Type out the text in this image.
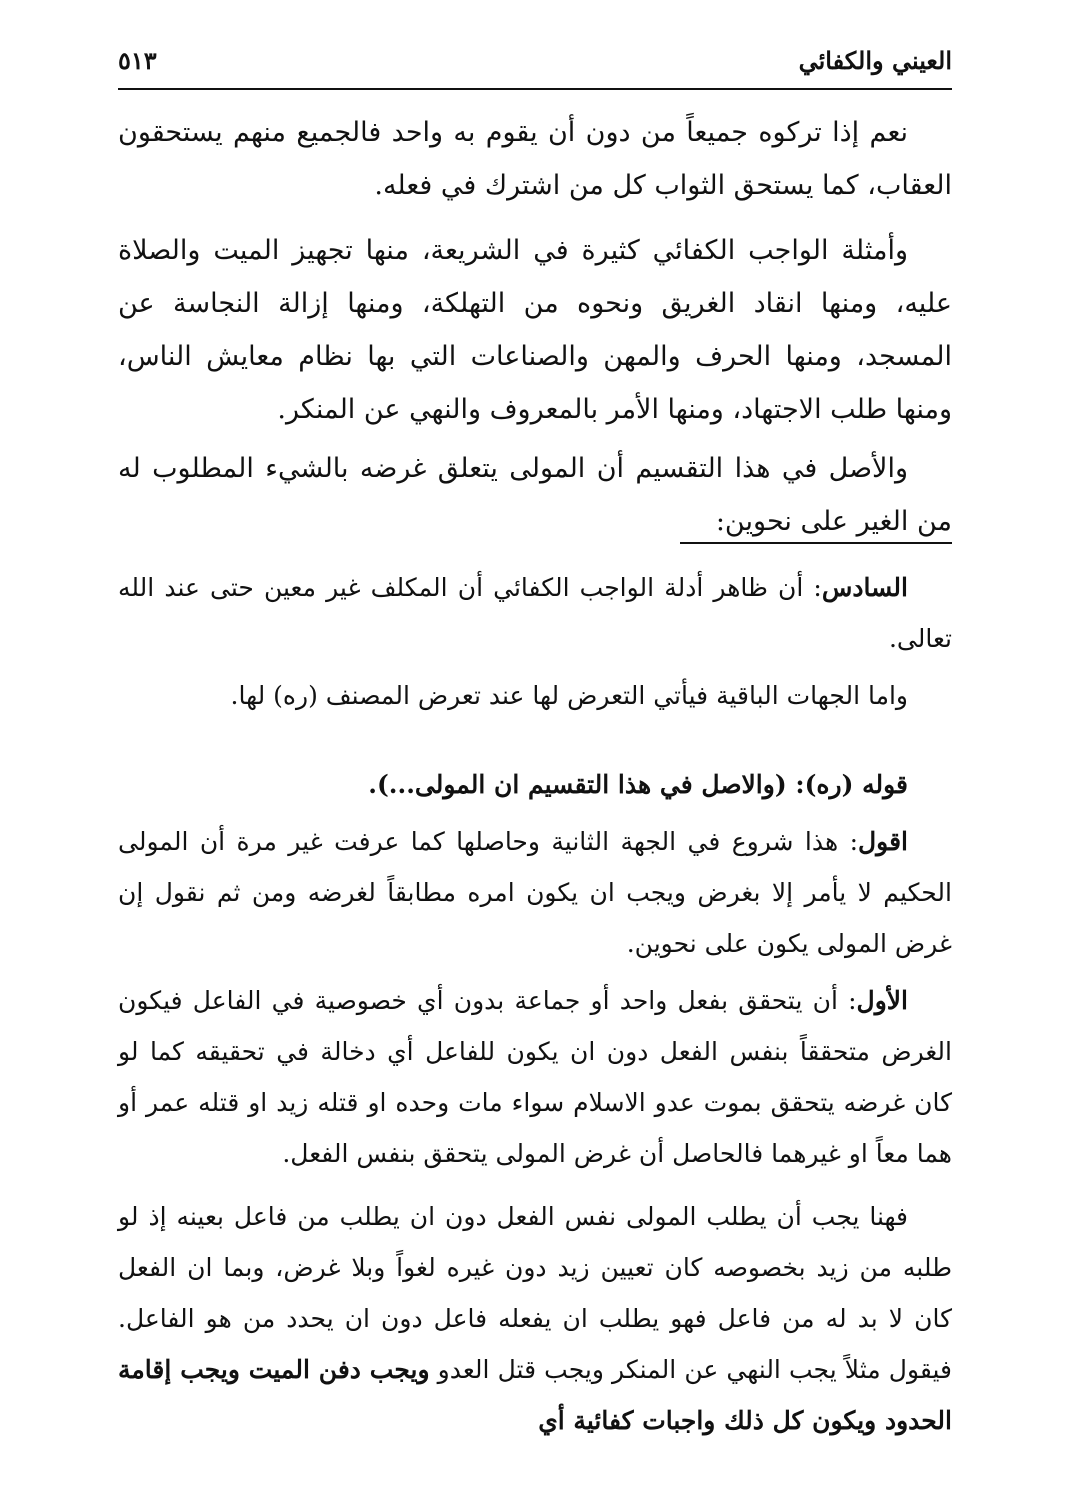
العيني والكفائي
٥١٣

نعم إذا تركوه جميعاً من دون أن يقوم به واحد فالجميع منهم يستحقون العقاب، كما يستحق الثواب كل من اشترك في فعله.

وأمثلة الواجب الكفائي كثيرة في الشريعة، منها تجهيز الميت والصلاة عليه، ومنها انقاد الغريق ونحوه من التهلكة، ومنها إزالة النجاسة عن المسجد، ومنها الحرف والمهن والصناعات التي بها نظام معايش الناس، ومنها طلب الاجتهاد، ومنها الأمر بالمعروف والنهي عن المنكر.

والأصل في هذا التقسيم أن المولى يتعلق غرضه بالشيء المطلوب له من الغير على نحوين:

السادس: أن ظاهر أدلة الواجب الكفائي أن المكلف غير معين حتى عند الله تعالى.

واما الجهات الباقية فيأتي التعرض لها عند تعرض المصنف (ره) لها.

قوله (ره): (والاصل في هذا التقسيم ان المولى...).

اقول: هذا شروع في الجهة الثانية وحاصلها كما عرفت غير مرة أن المولى الحكيم لا يأمر إلا بغرض ويجب ان يكون امره مطابقاً لغرضه ومن ثم نقول إن غرض المولى يكون على نحوين.

الأول: أن يتحقق بفعل واحد أو جماعة بدون أي خصوصية في الفاعل فيكون الغرض متحققاً بنفس الفعل دون ان يكون للفاعل أي دخالة في تحقيقه كما لو كان غرضه يتحقق بموت عدو الاسلام سواء مات وحده او قتله زيد او قتله عمر أو هما معاً او غيرهما فالحاصل أن غرض المولى يتحقق بنفس الفعل.

فهنا يجب أن يطلب المولى نفس الفعل دون ان يطلب من فاعل بعينه إذ لو طلبه من زيد بخصوصه كان تعيين زيد دون غيره لغواً وبلا غرض، وبما ان الفعل كان لا بد له من فاعل فهو يطلب ان يفعله فاعل دون ان يحدد من هو الفاعل. فيقول مثلاً يجب النهي عن المنكر ويجب قتل العدو ويجب دفن الميت ويجب إقامة الحدود ويكون كل ذلك واجبات كفائية أي
